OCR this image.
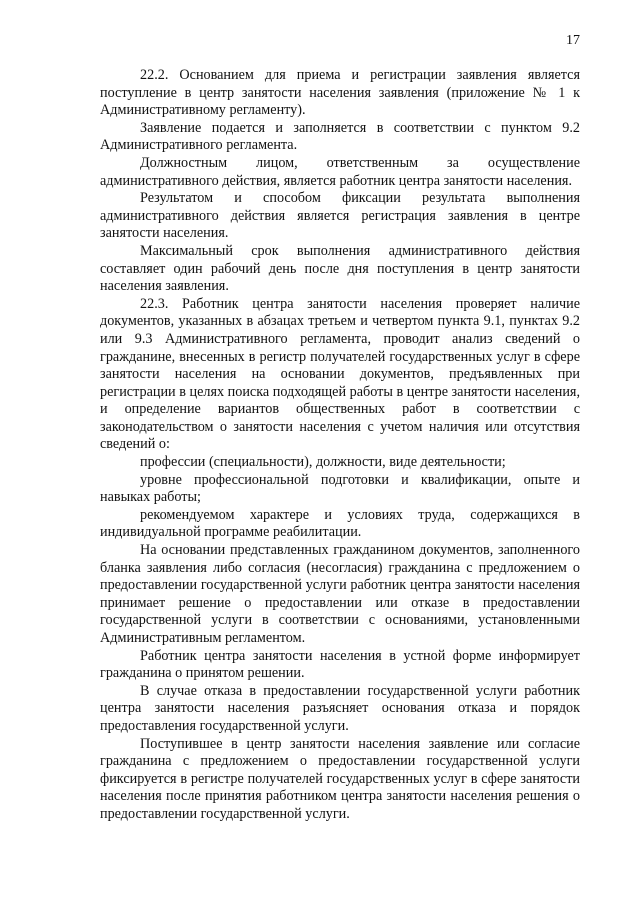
17

22.2. Основанием для приема и регистрации заявления является поступление в центр занятости населения заявления (приложение № 1 к Административному регламенту).

Заявление подается и заполняется в соответствии с пунктом 9.2 Административного регламента.

Должностным лицом, ответственным за осуществление административного действия, является работник центра занятости населения.

Результатом и способом фиксации результата выполнения административного действия является регистрация заявления в центре занятости населения.

Максимальный срок выполнения административного действия составляет один рабочий день после дня поступления в центр занятости населения заявления.

22.3. Работник центра занятости населения проверяет наличие документов, указанных в абзацах третьем и четвертом пункта 9.1, пунктах 9.2 или 9.3 Административного регламента, проводит анализ сведений о гражданине, внесенных в регистр получателей государственных услуг в сфере занятости населения на основании документов, предъявленных при регистрации в целях поиска подходящей работы в центре занятости населения, и определение вариантов общественных работ в соответствии с законодательством о занятости населения с учетом наличия или отсутствия сведений о:

профессии (специальности), должности, виде деятельности;

уровне профессиональной подготовки и квалификации, опыте и навыках работы;

рекомендуемом характере и условиях труда, содержащихся в индивидуальной программе реабилитации.

На основании представленных гражданином документов, заполненного бланка заявления либо согласия (несогласия) гражданина с предложением о предоставлении государственной услуги работник центра занятости населения принимает решение о предоставлении или отказе в предоставлении государственной услуги в соответствии с основаниями, установленными Административным регламентом.

Работник центра занятости населения в устной форме информирует гражданина о принятом решении.

В случае отказа в предоставлении государственной услуги работник центра занятости населения разъясняет основания отказа и порядок предоставления государственной услуги.

Поступившее в центр занятости населения заявление или согласие гражданина с предложением о предоставлении государственной услуги фиксируется в регистре получателей государственных услуг в сфере занятости населения после принятия работником центра занятости населения решения о предоставлении государственной услуги.
